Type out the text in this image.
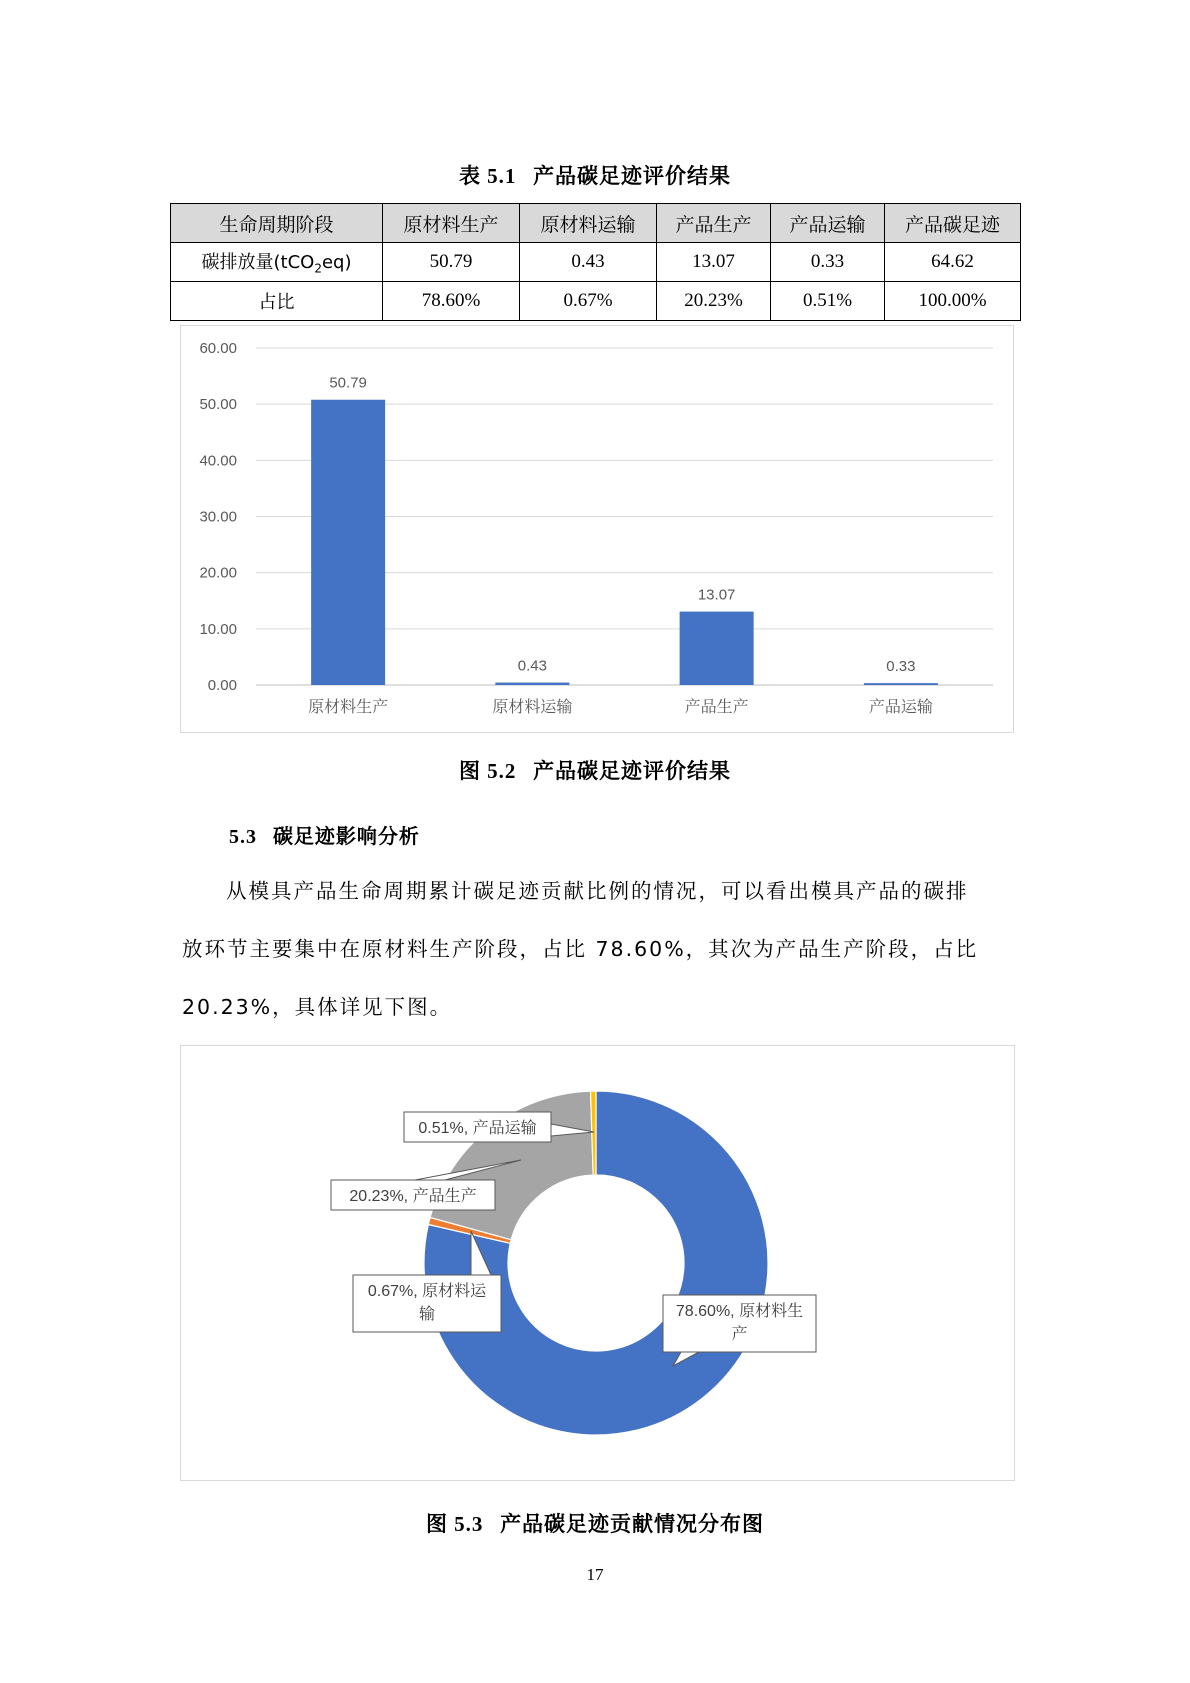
表 5.1 产品碳足迹评价结果
生命周期阶段	原材料生产	原材料运输	产品生产	产品运输	产品碳足迹
碳排放量(tCO$_2$eq)	50.79	0.43	13.07	0.33	64.62
占比	78.60%	0.67%	20.23%	0.51%	100.00%
0.00
10.00
20.00
30.00
40.00
50.00
60.00
50.79
原材料生产
0.43
原材料运输
13.07
产品生产
0.33
产品运输
图 5.2 产品碳足迹评价结果
5.3 碳足迹影响分析
从模具产品生命周期累计碳足迹贡献比例的情况，可以看出模具产品的碳排
放环节主要集中在原材料生产阶段，占比 78.60%，其次为产品生产阶段，占比
20.23%，具体详见下图。
78.60%, 原材料生
产
0.67%, 原材料运
输
20.23%, 产品生产
0.51%, 产品运输
图 5.3 产品碳足迹贡献情况分布图
17
